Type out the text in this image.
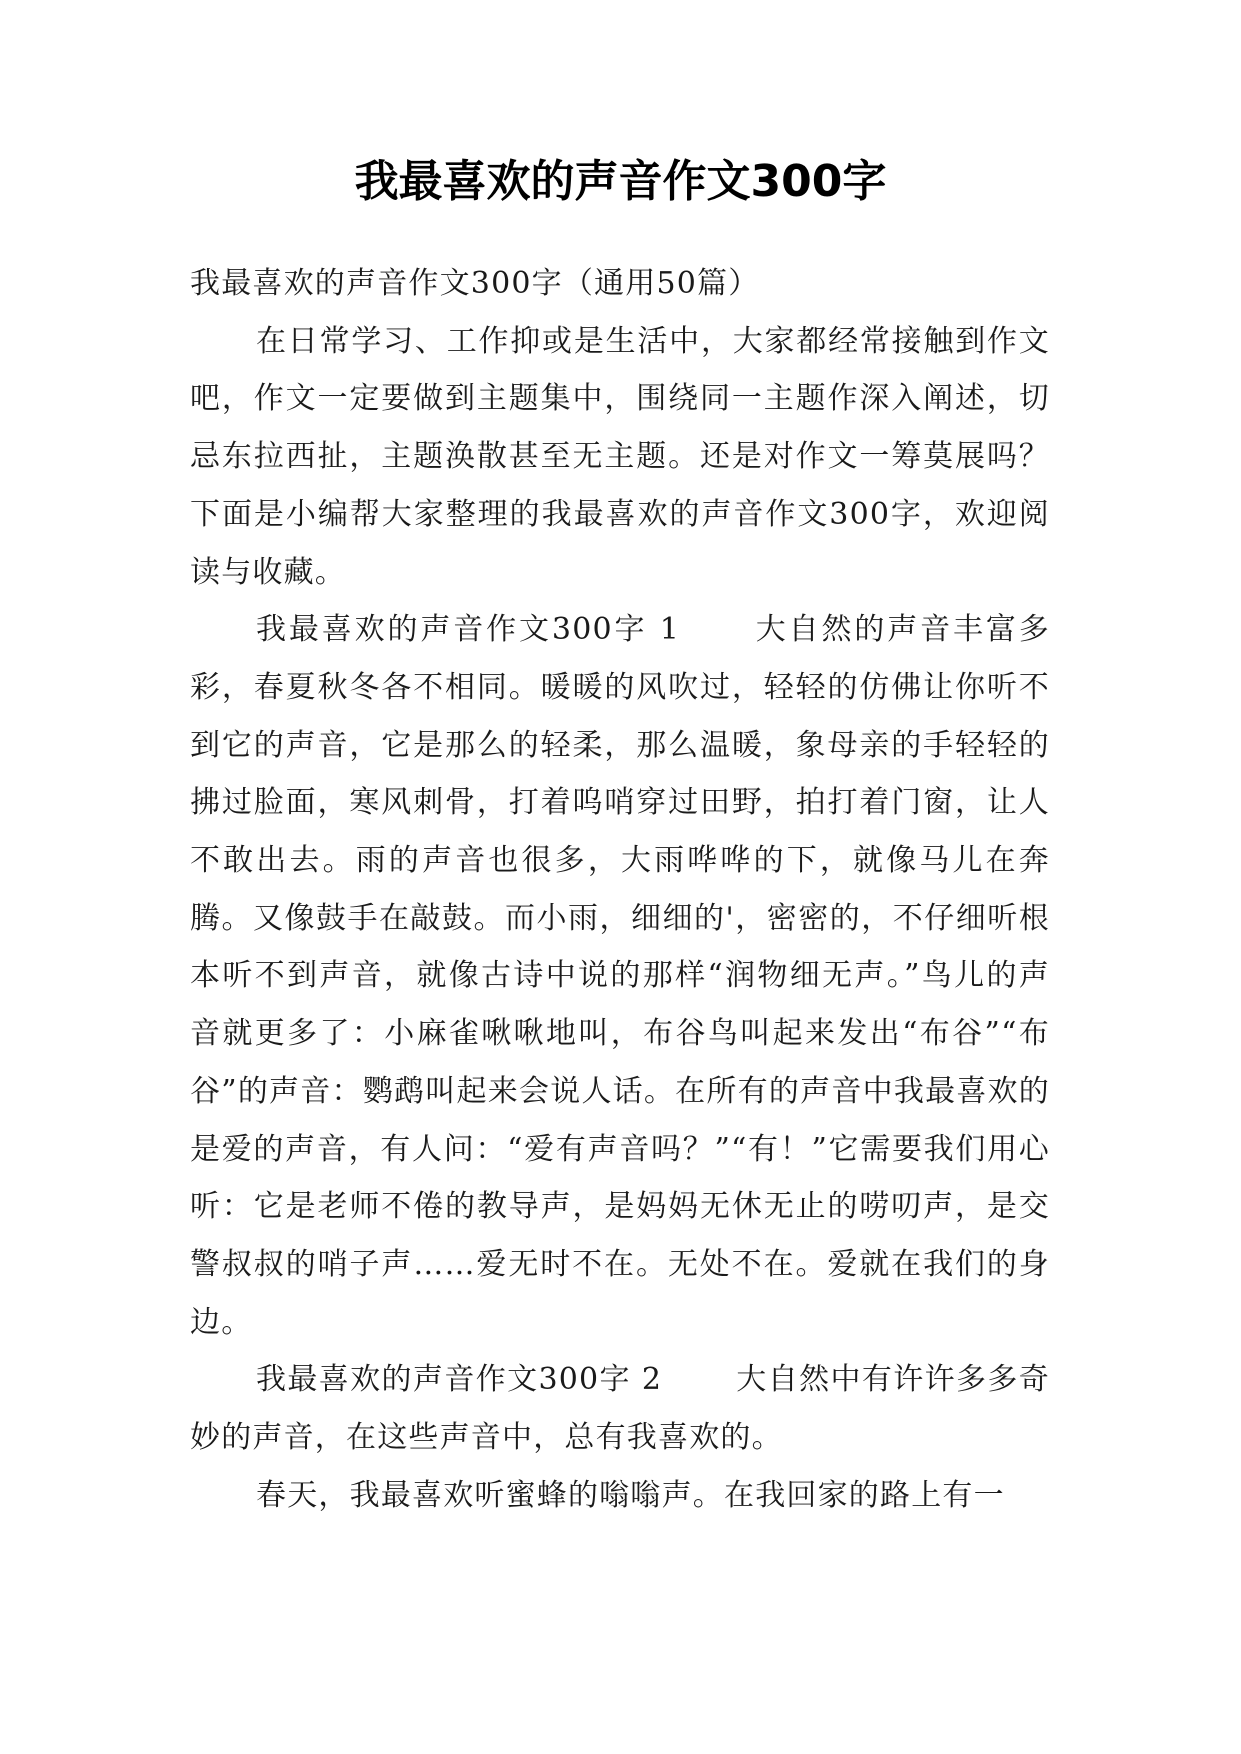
我最喜欢的声音作文300字

我最喜欢的声音作文300字（通用50篇）

在日常学习、工作抑或是生活中，大家都经常接触到作文吧，作文一定要做到主题集中，围绕同一主题作深入阐述，切忌东拉西扯，主题涣散甚至无主题。还是对作文一筹莫展吗？下面是小编帮大家整理的我最喜欢的声音作文300字，欢迎阅读与收藏。

我最喜欢的声音作文300字 1 大自然的声音丰富多彩，春夏秋冬各不相同。暖暖的风吹过，轻轻的仿佛让你听不到它的声音，它是那么的轻柔，那么温暖，象母亲的手轻轻的拂过脸面，寒风刺骨，打着呜哨穿过田野，拍打着门窗，让人不敢出去。雨的声音也很多，大雨哗哗的下，就像马儿在奔腾。又像鼓手在敲鼓。而小雨，细细的'，密密的，不仔细听根本听不到声音，就像古诗中说的那样“润物细无声。”鸟儿的声音就更多了：小麻雀啾啾地叫，布谷鸟叫起来发出“布谷”“布谷”的声音：鹦鹉叫起来会说人话。在所有的声音中我最喜欢的是爱的声音，有人问：“爱有声音吗？”“有！”它需要我们用心听：它是老师不倦的教导声，是妈妈无休无止的唠叨声，是交警叔叔的哨子声……爱无时不在。无处不在。爱就在我们的身边。

我最喜欢的声音作文300字 2 大自然中有许许多多奇妙的声音，在这些声音中，总有我喜欢的。

春天，我最喜欢听蜜蜂的嗡嗡声。在我回家的路上有一
